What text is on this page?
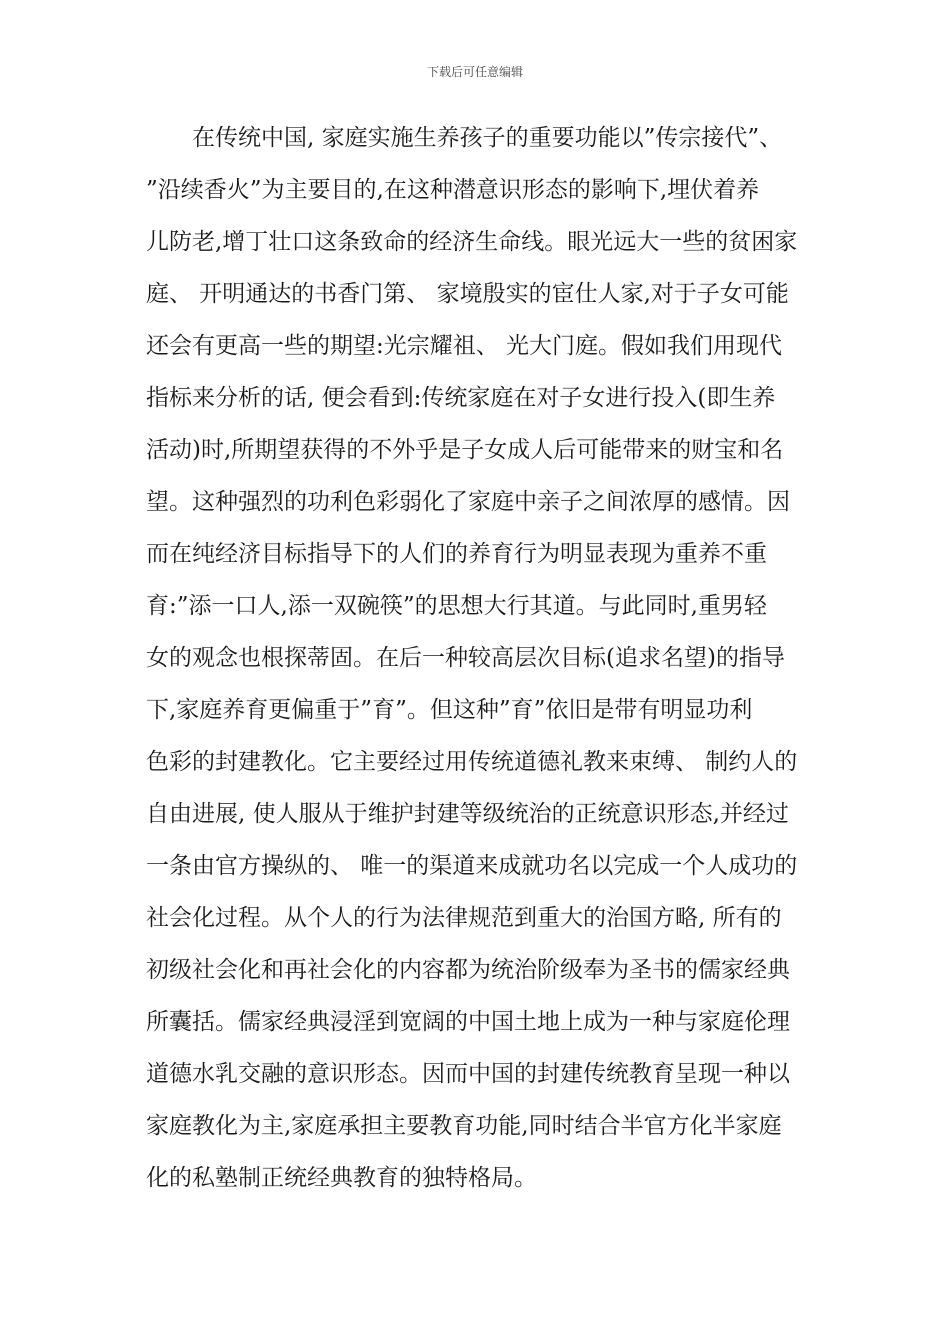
下载后可任意编辑
在传统中国, 家庭实施生养孩子的重要功能以”传宗接代”、
”沿续香火”为主要目的,在这种潜意识形态的影响下,埋伏着养
儿防老,增丁壮口这条致命的经济生命线。眼光远大一些的贫困家
庭、 开明通达的书香门第、 家境殷实的宦仕人家,对于子女可能
还会有更高一些的期望:光宗耀祖、 光大门庭。假如我们用现代
指标来分析的话, 便会看到:传统家庭在对子女进行投入(即生养
活动)时,所期望获得的不外乎是子女成人后可能带来的财宝和名
望。这种强烈的功利色彩弱化了家庭中亲子之间浓厚的感情。因
而在纯经济目标指导下的人们的养育行为明显表现为重养不重
育:”添一口人,添一双碗筷”的思想大行其道。与此同时,重男轻
女的观念也根探蒂固。在后一种较高层次目标(追求名望)的指导
下,家庭养育更偏重于”育”。但这种”育”依旧是带有明显功利
色彩的封建教化。它主要经过用传统道德礼教来束缚、 制约人的
自由进展, 使人服从于维护封建等级统治的正统意识形态,并经过
一条由官方操纵的、 唯一的渠道来成就功名以完成一个人成功的
社会化过程。从个人的行为法律规范到重大的治国方略, 所有的
初级社会化和再社会化的内容都为统治阶级奉为圣书的儒家经典
所囊括。儒家经典浸淫到宽阔的中国土地上成为一种与家庭伦理
道德水乳交融的意识形态。因而中国的封建传统教育呈现一种以
家庭教化为主,家庭承担主要教育功能,同时结合半官方化半家庭
化的私塾制正统经典教育的独特格局。
